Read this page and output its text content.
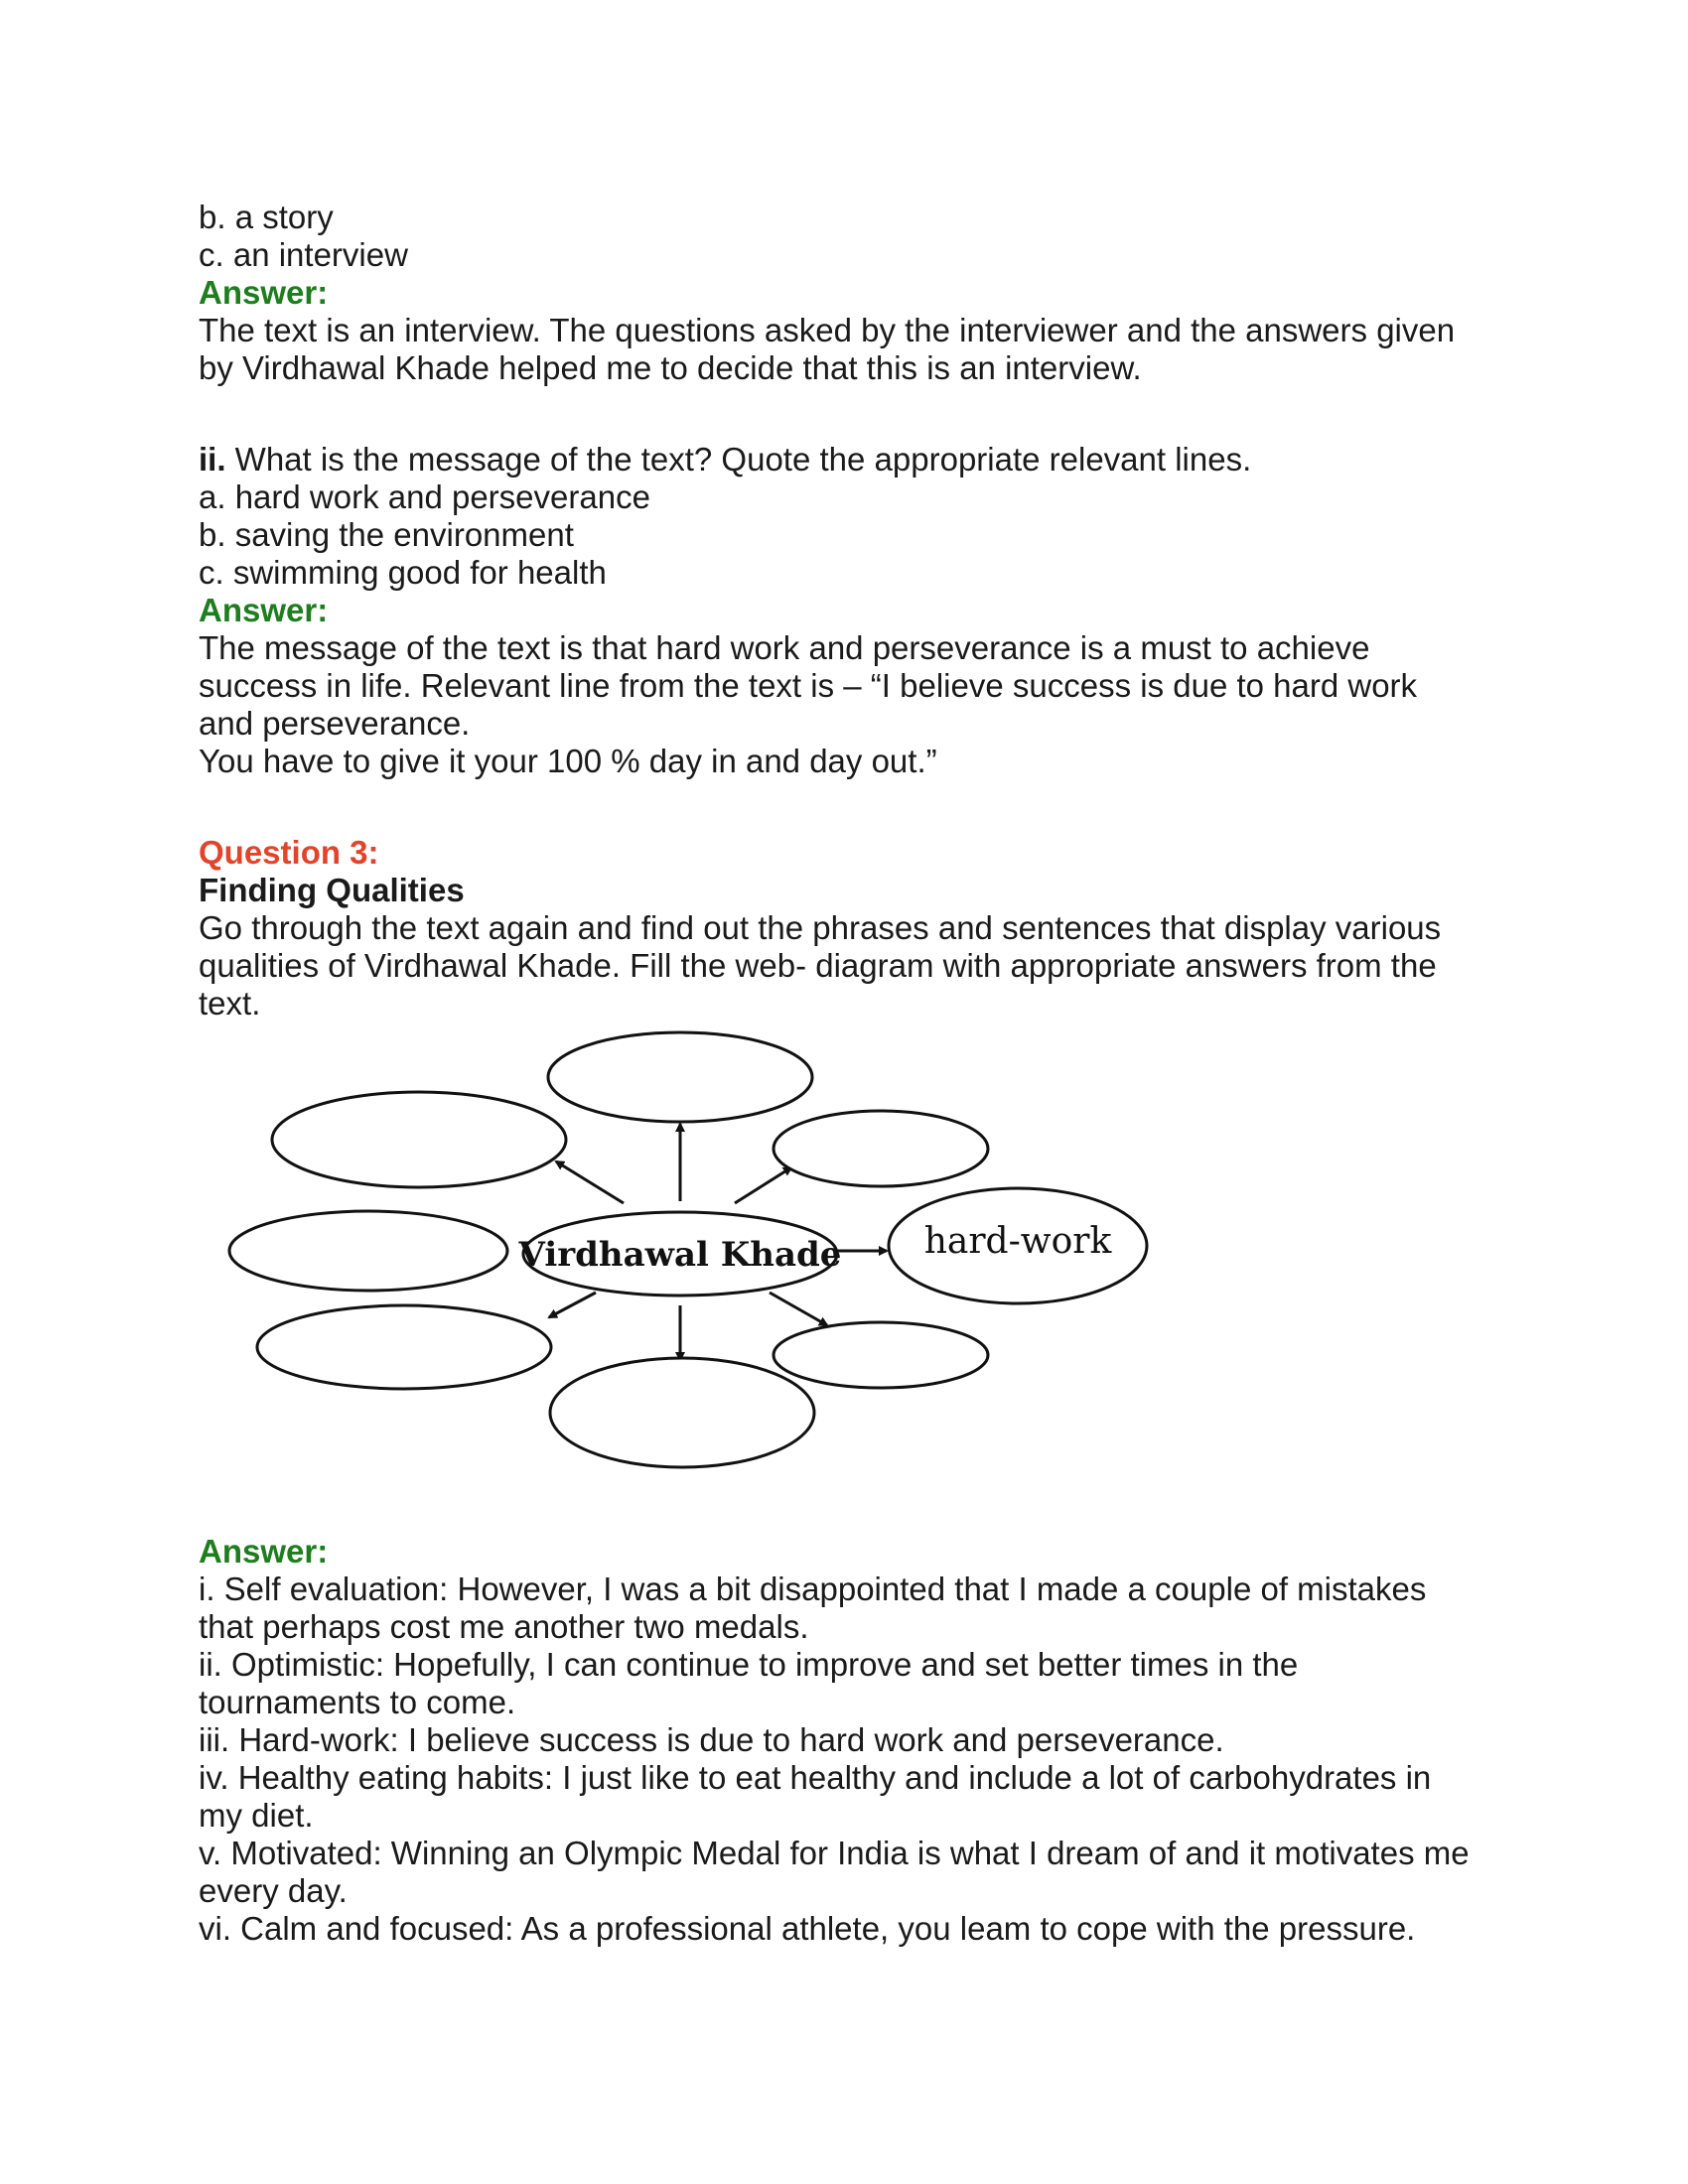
b. a story
c. an interview
Answer:
The text is an interview. The questions asked by the interviewer and the answers given
by Virdhawal Khade helped me to decide that this is an interview.
ii. What is the message of the text? Quote the appropriate relevant lines.
a. hard work and perseverance
b. saving the environment
c. swimming good for health
Answer:
The message of the text is that hard work and perseverance is a must to achieve
success in life. Relevant line from the text is – “I believe success is due to hard work
and perseverance.
You have to give it your 100 % day in and day out.”
Question 3:
Finding Qualities
Go through the text again and find out the phrases and sentences that display various
qualities of Virdhawal Khade. Fill the web- diagram with appropriate answers from the
text.
Virdhawal Khade hard-work
Answer:
i. Self evaluation: However, I was a bit disappointed that I made a couple of mistakes
that perhaps cost me another two medals.
ii. Optimistic: Hopefully, I can continue to improve and set better times in the
tournaments to come.
iii. Hard-work: I believe success is due to hard work and perseverance.
iv. Healthy eating habits: I just like to eat healthy and include a lot of carbohydrates in
my diet.
v. Motivated: Winning an Olympic Medal for India is what I dream of and it motivates me
every day.
vi. Calm and focused: As a professional athlete, you leam to cope with the pressure.
